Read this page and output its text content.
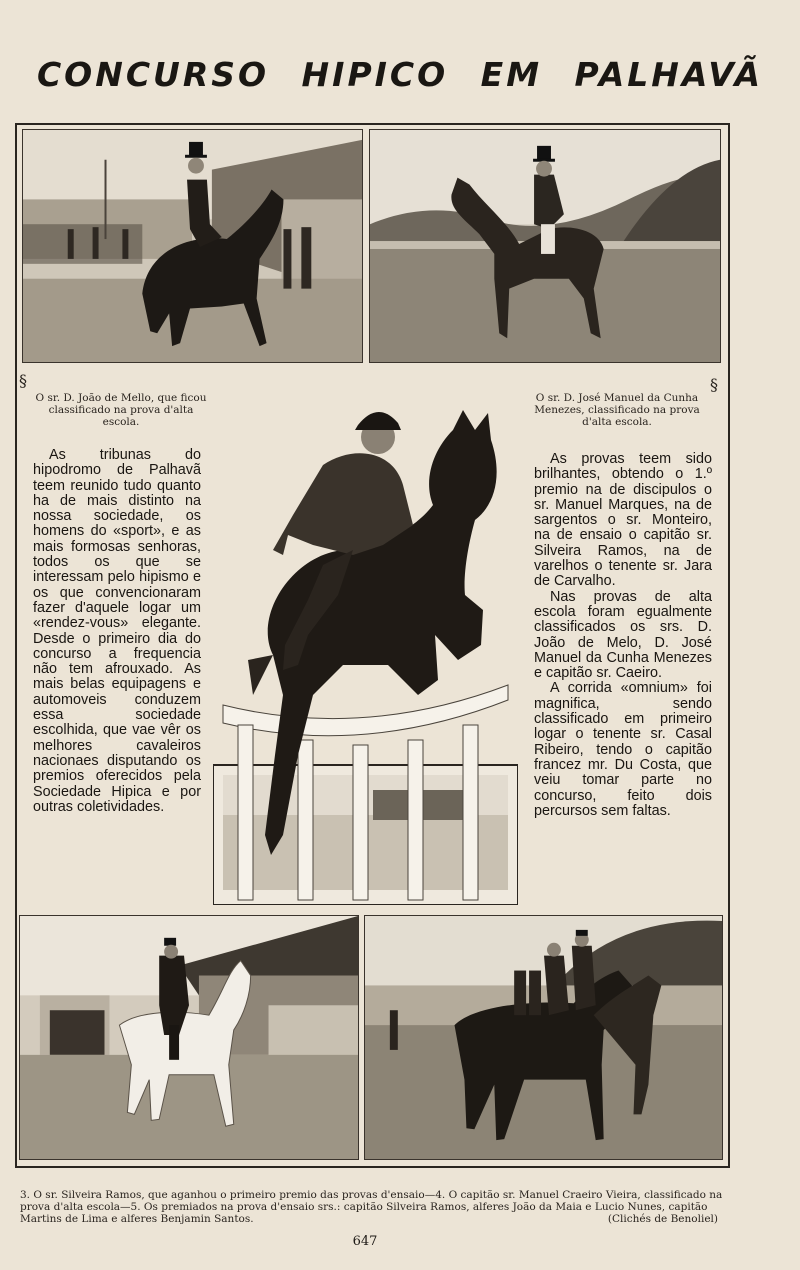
CONCURSO HIPICO EM PALHAVÃ
O sr. D. João de Mello, que ficou classificado na prova d'alta escola.
O sr. D. José Manuel da Cunha Menezes, classificado na prova d'alta escola.
§	§

As tribunas do hipodromo de Palhavã teem reunido tudo quanto ha de mais distinto na nossa sociedade, os homens do «sport», e as mais formosas senhoras, todos os que se interessam pelo hipismo e os que convencionaram fazer d'aquele logar um «rendez-vous» elegante. Desde o primeiro dia do concurso a frequencia não tem afrouxado. As mais belas equipagens e automoveis conduzem essa sociedade escolhida, que vae vêr os melhores cavaleiros nacionaes disputando os premios oferecidos pela Sociedade Hipica e por outras coletividades.

As provas teem sido brilhantes, obtendo o 1.º premio na de discipulos o sr. Manuel Marques, na de sargentos o sr. Monteiro, na de ensaio o capitão sr. Silveira Ramos, na de varelhos o tenente sr. Jara de Carvalho.

Nas provas de alta escola foram egualmente classificados os srs. D. João de Melo, D. José Manuel da Cunha Menezes e capitão sr. Caeiro.

A corrida «omnium» foi magnifica, sendo classificado em primeiro logar o tenente sr. Casal Ribeiro, tendo o capitão francez mr. Du Costa, que veiu tomar parte no concurso, feito dois percursos sem faltas.

3. O sr. Silveira Ramos, que aganhou o primeiro premio das provas d'ensaio—4. O capitão sr. Manuel Craeiro Vieira, classificado na prova d'alta escola—5. Os premiados na prova d'ensaio srs.: capitão Silveira Ramos, alferes João da Maia e Lucio Nunes, capitão Martins de Lima e alferes Benjamin Santos.	(Clichés de Benoliel)
647
